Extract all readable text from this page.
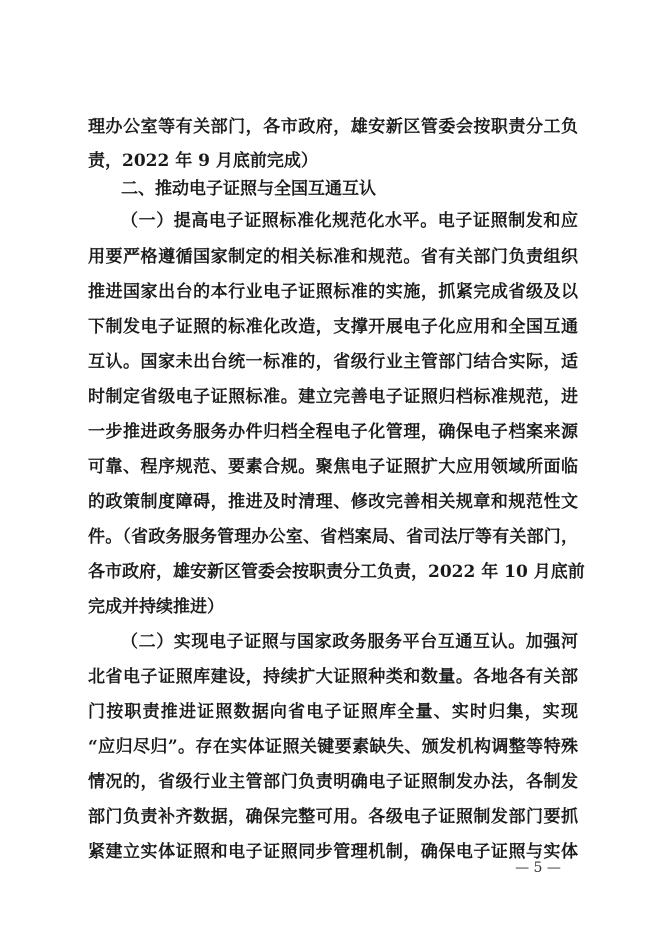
理办公室等有关部门，各市政府，雄安新区管委会按职责分工负
责，2022 年 9 月底前完成）
二、推动电子证照与全国互通互认
（一）提高电子证照标准化规范化水平。电子证照制发和应
用要严格遵循国家制定的相关标准和规范。省有关部门负责组织
推进国家出台的本行业电子证照标准的实施，抓紧完成省级及以
下制发电子证照的标准化改造，支撑开展电子化应用和全国互通
互认。国家未出台统一标准的，省级行业主管部门结合实际，适
时制定省级电子证照标准。建立完善电子证照归档标准规范，进
一步推进政务服务办件归档全程电子化管理，确保电子档案来源
可靠、程序规范、要素合规。聚焦电子证照扩大应用领域所面临
的政策制度障碍，推进及时清理、修改完善相关规章和规范性文
件。（省政务服务管理办公室、省档案局、省司法厅等有关部门，
各市政府，雄安新区管委会按职责分工负责，2022 年 10 月底前
完成并持续推进）
（二）实现电子证照与国家政务服务平台互通互认。加强河
北省电子证照库建设，持续扩大证照种类和数量。各地各有关部
门按职责推进证照数据向省电子证照库全量、实时归集，实现
“应归尽归”。存在实体证照关键要素缺失、颁发机构调整等特殊
情况的，省级行业主管部门负责明确电子证照制发办法，各制发
部门负责补齐数据，确保完整可用。各级电子证照制发部门要抓
紧建立实体证照和电子证照同步管理机制，确保电子证照与实体
— 5 —
